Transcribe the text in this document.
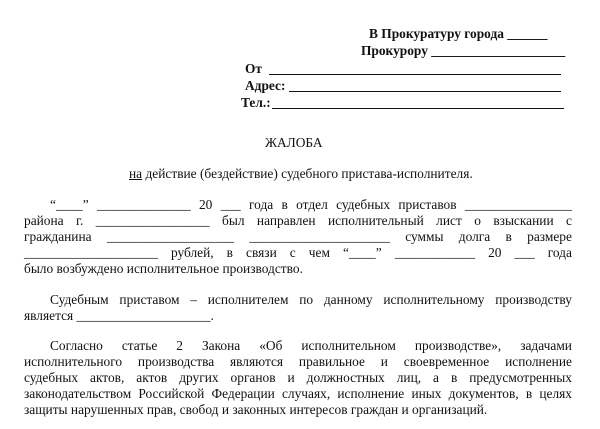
В Прокуратуру города ______
Прокурору ____________________
От
Адрес:
Тел.:
ЖАЛОБА
на действие (бездействие) судебного пристава-исполнителя.
“____” ______________ 20 ___ года в отдел судебных приставов ________________
района г. _________________ был направлен исполнительный лист о взыскании с
гражданина ___________________ _____________________ суммы долга в размере
____________________ рублей, в связи с чем “____” ____________ 20 ___ года
было возбуждено исполнительное производство.
Судебным приставом – исполнителем по данному исполнительному производству
является ____________________.
Согласно статье 2 Закона «Об исполнительном производстве», задачами
исполнительного производства являются правильное и своевременное исполнение
судебных актов, актов других органов и должностных лиц, а в предусмотренных
законодательством Российской Федерации случаях, исполнение иных документов, в целях
защиты нарушенных прав, свобод и законных интересов граждан и организаций.
